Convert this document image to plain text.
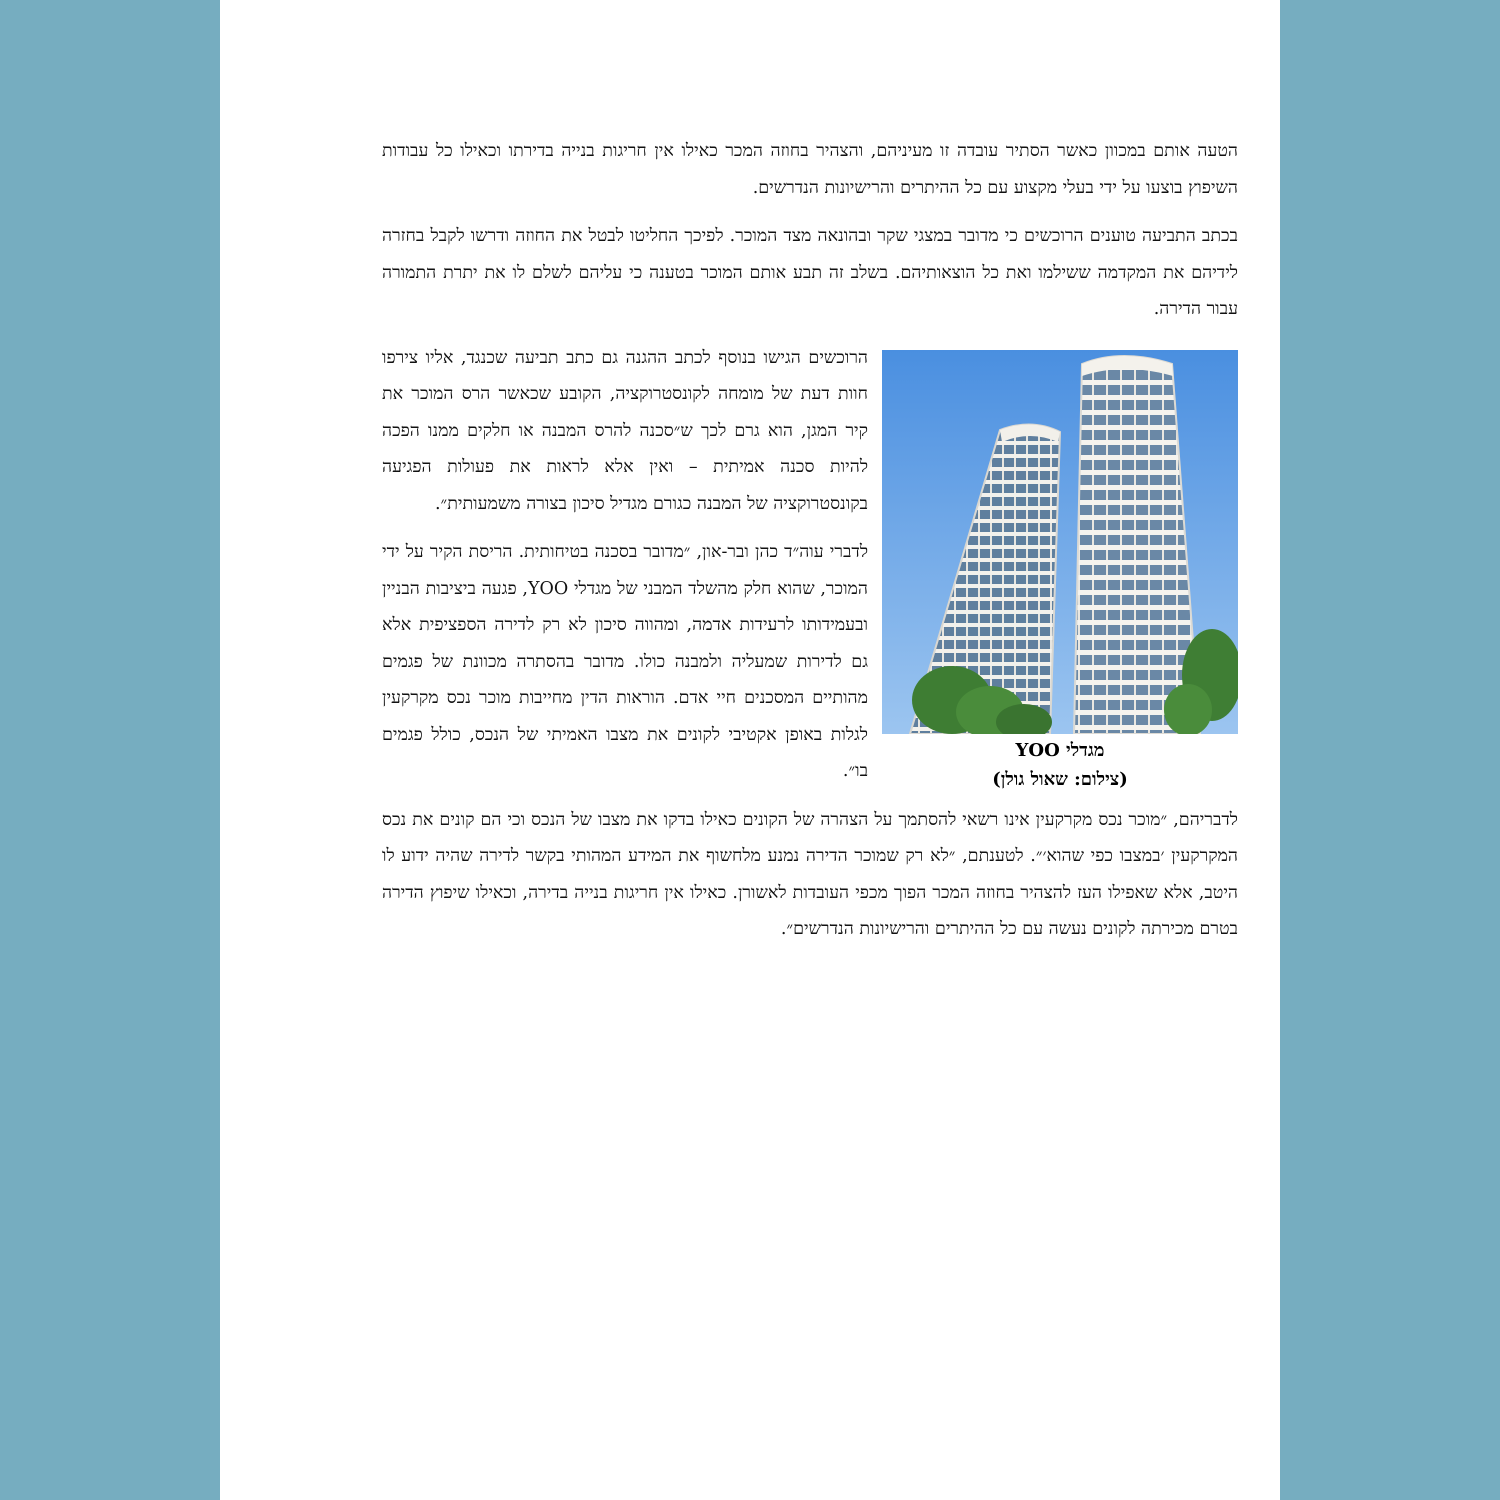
הטעה אותם במכוון כאשר הסתיר עובדה זו מעיניהם, והצהיר בחוזה המכר כאילו אין חריגות בנייה בדירתו וכאילו כל עבודות השיפוץ בוצעו על ידי בעלי מקצוע עם כל ההיתרים והרישיונות הנדרשים.

בכתב התביעה טוענים הרוכשים כי מדובר במצגי שקר ובהונאה מצד המוכר. לפיכך החליטו לבטל את החוזה ודרשו לקבל בחזרה לידיהם את המקדמה ששילמו ואת כל הוצאותיהם. בשלב זה תבע אותם המוכר בטענה כי עליהם לשלם לו את יתרת התמורה עבור הדירה.

מגדלי YOO
(צילום: שאול גולן)

הרוכשים הגישו בנוסף לכתב ההגנה גם כתב תביעה שכנגד, אליו צירפו חוות דעת של מומחה לקונסטרוקציה, הקובע שכאשר הרס המוכר את קיר המגן, הוא גרם לכך ש״סכנה להרס המבנה או חלקים ממנו הפכה להיות סכנה אמיתית – ואין אלא לראות את פעולות הפגיעה בקונסטרוקציה של המבנה כגורם מגדיל סיכון בצורה משמעותית״.

לדברי עוה״ד כהן ובר-און, ״מדובר בסכנה בטיחותית. הריסת הקיר על ידי המוכר, שהוא חלק מהשלד המבני של מגדלי YOO, פגעה ביציבות הבניין ובעמידותו לרעידות אדמה, ומהווה סיכון לא רק לדירה הספציפית אלא גם לדירות שמעליה ולמבנה כולו. מדובר בהסתרה מכוונת של פגמים מהותיים המסכנים חיי אדם. הוראות הדין מחייבות מוכר נכס מקרקעין לגלות באופן אקטיבי לקונים את מצבו האמיתי של הנכס, כולל פגמים בו״.

לדבריהם, ״מוכר נכס מקרקעין אינו רשאי להסתמך על הצהרה של הקונים כאילו בדקו את מצבו של הנכס וכי הם קונים את נכס המקרקעין ׳במצבו כפי שהוא׳״. לטענתם, ״לא רק שמוכר הדירה נמנע מלחשוף את המידע המהותי בקשר לדירה שהיה ידוע לו היטב, אלא שאפילו העז להצהיר בחוזה המכר הפוך מכפי העובדות לאשורן. כאילו אין חריגות בנייה בדירה, וכאילו שיפוץ הדירה בטרם מכירתה לקונים נעשה עם כל ההיתרים והרישיונות הנדרשים״.
